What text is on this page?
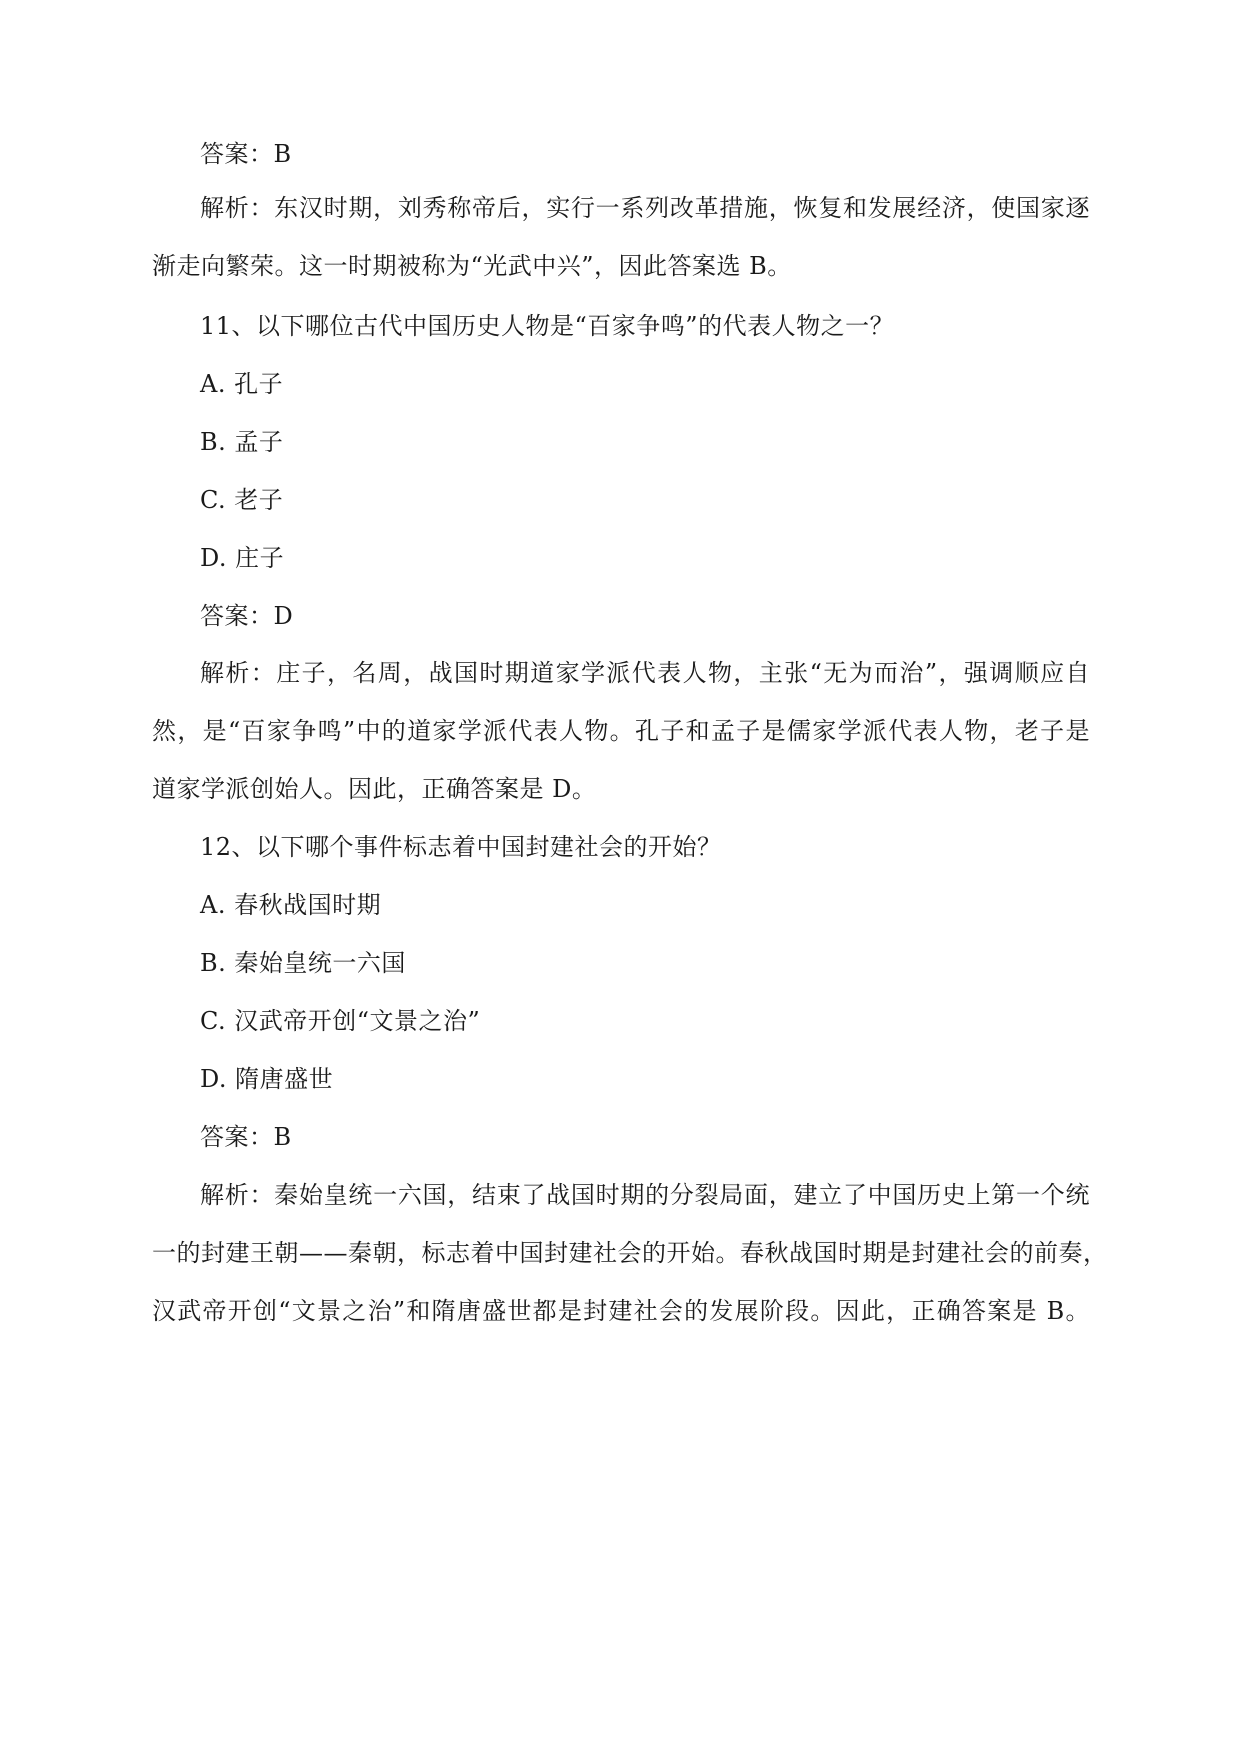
答案：B
解析：东汉时期，刘秀称帝后，实行一系列改革措施，恢复和发展经济，使国家逐
渐走向繁荣。这一时期被称为“光武中兴”，因此答案选 B。
11、以下哪位古代中国历史人物是“百家争鸣”的代表人物之一？
A. 孔子
B. 孟子
C. 老子
D. 庄子
答案：D
解析：庄子，名周，战国时期道家学派代表人物，主张“无为而治”，强调顺应自
然，是“百家争鸣”中的道家学派代表人物。孔子和孟子是儒家学派代表人物，老子是
道家学派创始人。因此，正确答案是 D。
12、以下哪个事件标志着中国封建社会的开始？
A. 春秋战国时期
B. 秦始皇统一六国
C. 汉武帝开创“文景之治”
D. 隋唐盛世
答案：B
解析：秦始皇统一六国，结束了战国时期的分裂局面，建立了中国历史上第一个统
一的封建王朝——秦朝，标志着中国封建社会的开始。春秋战国时期是封建社会的前奏，
汉武帝开创“文景之治”和隋唐盛世都是封建社会的发展阶段。因此，正确答案是 B。
